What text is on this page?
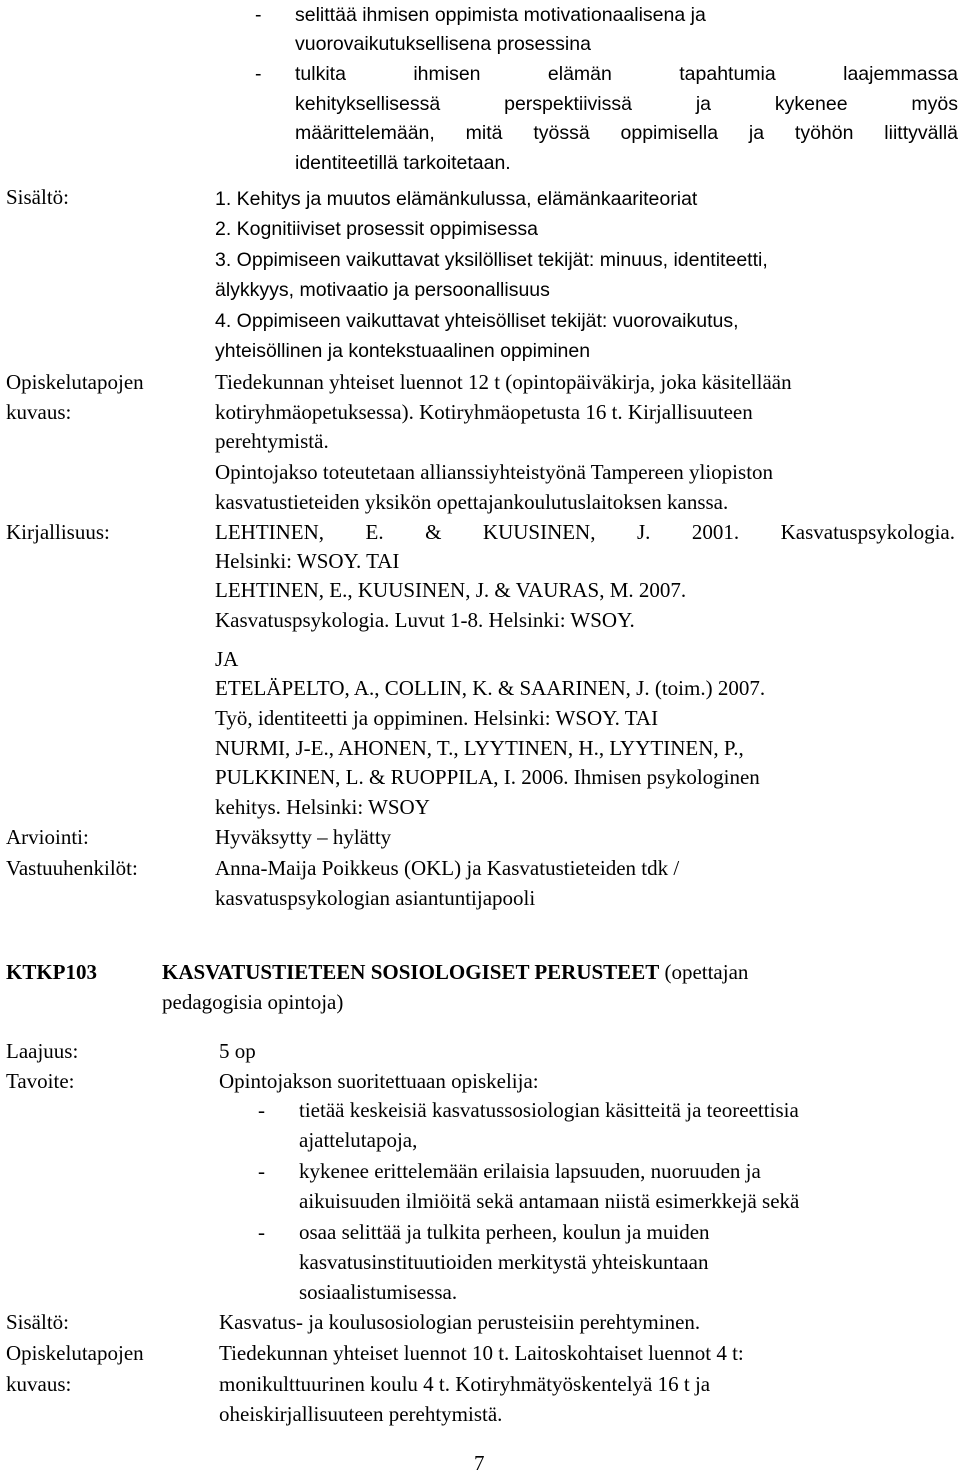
- selittää ihmisen oppimista motivationaalisena ja
vuorovaikutuksellisena prosessina
- tulkita ihmisen elämän tapahtumia laajemmassa
kehityksellisessä perspektiivissä ja kykenee myös
määrittelemään, mitä työssä oppimisella ja työhön liittyvällä
identiteetillä tarkoitetaan.
Sisältö:	1. Kehitys ja muutos elämänkulussa, elämänkaariteoriat
2. Kognitiiviset prosessit oppimisessa
3. Oppimiseen vaikuttavat yksilölliset tekijät: minuus, identiteetti,
älykkyys, motivaatio ja persoonallisuus
4. Oppimiseen vaikuttavat yhteisölliset tekijät: vuorovaikutus,
yhteisöllinen ja kontekstuaalinen oppiminen
Opiskelutapojen
kuvaus:
Tiedekunnan yhteiset luennot 12 t (opintopäiväkirja, joka käsitellään
kotiryhmäopetuksessa). Kotiryhmäopetusta 16 t. Kirjallisuuteen
perehtymistä.
Opintojakso toteutetaan allianssiyhteistyönä Tampereen yliopiston
kasvatustieteiden yksikön opettajankoulutuslaitoksen kanssa.
Kirjallisuus:	LEHTINEN, E. & KUUSINEN, J. 2001. Kasvatuspsykologia.
Helsinki: WSOY. TAI
LEHTINEN, E., KUUSINEN, J. & VAURAS, M. 2007.
Kasvatuspsykologia. Luvut 1-8. Helsinki: WSOY.
JA
ETELÄPELTO, A., COLLIN, K. & SAARINEN, J. (toim.) 2007.
Työ, identiteetti ja oppiminen. Helsinki: WSOY. TAI
NURMI, J-E., AHONEN, T., LYYTINEN, H., LYYTINEN, P.,
PULKKINEN, L. & RUOPPILA, I. 2006. Ihmisen psykologinen
kehitys. Helsinki: WSOY
Arviointi:	Hyväksytty – hylätty
Vastuuhenkilöt:	Anna-Maija Poikkeus (OKL) ja Kasvatustieteiden tdk /
kasvatuspsykologian asiantuntijapooli
KTKP103	KASVATUSTIETEEN SOSIOLOGISET PERUSTEET (opettajan
pedagogisia opintoja)
Laajuus:	5 op
Tavoite:	Opintojakson suoritettuaan opiskelija:
- tietää keskeisiä kasvatussosiologian käsitteitä ja teoreettisia
ajattelutapoja,
- kykenee erittelemään erilaisia lapsuuden, nuoruuden ja
aikuisuuden ilmiöitä sekä antamaan niistä esimerkkejä sekä
- osaa selittää ja tulkita perheen, koulun ja muiden
kasvatusinstituutioiden merkitystä yhteiskuntaan
sosiaalistumisessa.
Sisältö:	Kasvatus- ja koulusosiologian perusteisiin perehtyminen.
Opiskelutapojen
kuvaus:
Tiedekunnan yhteiset luennot 10 t. Laitoskohtaiset luennot 4 t:
monikulttuurinen koulu 4 t. Kotiryhmätyöskentelyä 16 t ja
oheiskirjallisuuteen perehtymistä.
7
